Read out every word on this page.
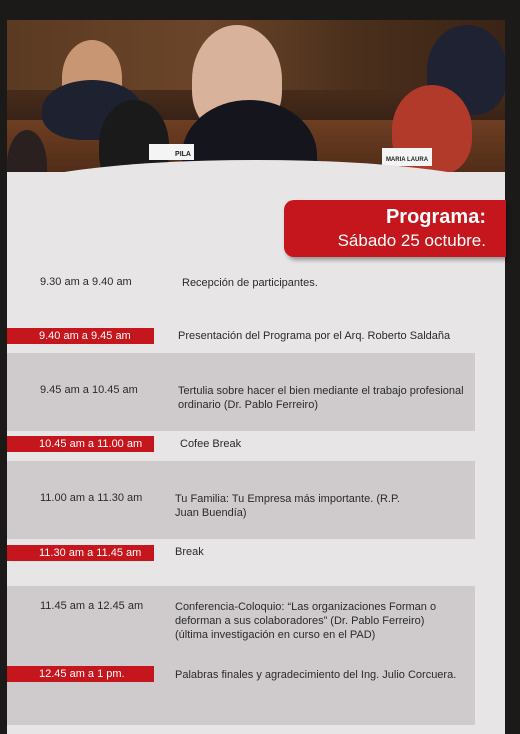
PILA
MARIA LAURA
Programa:
Sábado 25 octubre.
9.30 am a 9.40 am	Recepción de participantes.
9.40 am a 9.45 am	Presentación del Programa por el Arq. Roberto Saldaña
9.45 am a 10.45 am	Tertulia sobre hacer el bien mediante el trabajo profesional ordinario (Dr. Pablo Ferreiro)
10.45 am a 11.00 am	Cofee Break
11.00 am a 11.30 am	Tu Familia: Tu Empresa más importante. (R.P. Juan Buendía)
11.30 am a 11.45 am	Break
11.45 am a 12.45 am	Conferencia-Coloquio: “Las organizaciones Forman o deforman a sus colaboradores” (Dr. Pablo Ferreiro) (última investigación en curso en el PAD)
12.45 am a 1 pm.	Palabras finales y agradecimiento del Ing. Julio Corcuera.
